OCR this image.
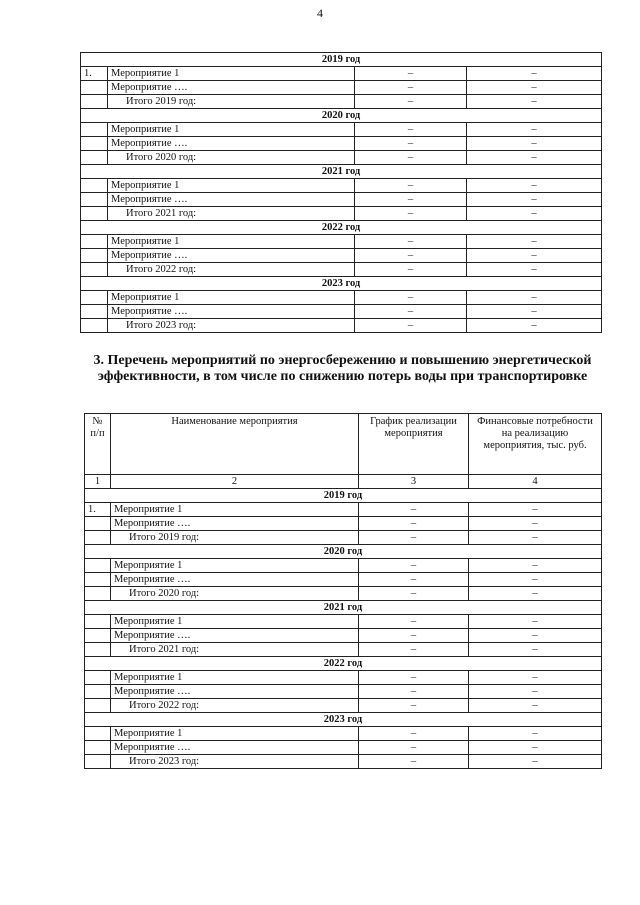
4
2019 год			
1.	Мероприятие 1	–	–
	Мероприятие ….	–	–
	Итого 2019 год:	–	–
2020 год			
	Мероприятие 1	–	–
	Мероприятие ….	–	–
	Итого 2020 год:	–	–
2021 год			
	Мероприятие 1	–	–
	Мероприятие ….	–	–
	Итого 2021 год:	–	–
2022 год			
	Мероприятие 1	–	–
	Мероприятие ….	–	–
	Итого 2022 год:	–	–
2023 год			
	Мероприятие 1	–	–
	Мероприятие ….	–	–
	Итого 2023 год:	–	–
3. Перечень мероприятий по энергосбережению и повышению энергетической эффективности, в том числе по снижению потерь воды при транспортировке
№ п/п	Наименование мероприятия	График реализации мероприятия	Финансовые потребности на реализацию мероприятия, тыс. руб.
1	2	3	4
2019 год			
1.	Мероприятие 1	–	–
	Мероприятие ….	–	–
	Итого 2019 год:	–	–
2020 год			
	Мероприятие 1	–	–
	Мероприятие ….	–	–
	Итого 2020 год:	–	–
2021 год			
	Мероприятие 1	–	–
	Мероприятие ….	–	–
	Итого 2021 год:	–	–
2022 год			
	Мероприятие 1	–	–
	Мероприятие ….	–	–
	Итого 2022 год:	–	–
2023 год			
	Мероприятие 1	–	–
	Мероприятие ….	–	–
	Итого 2023 год:	–	–
